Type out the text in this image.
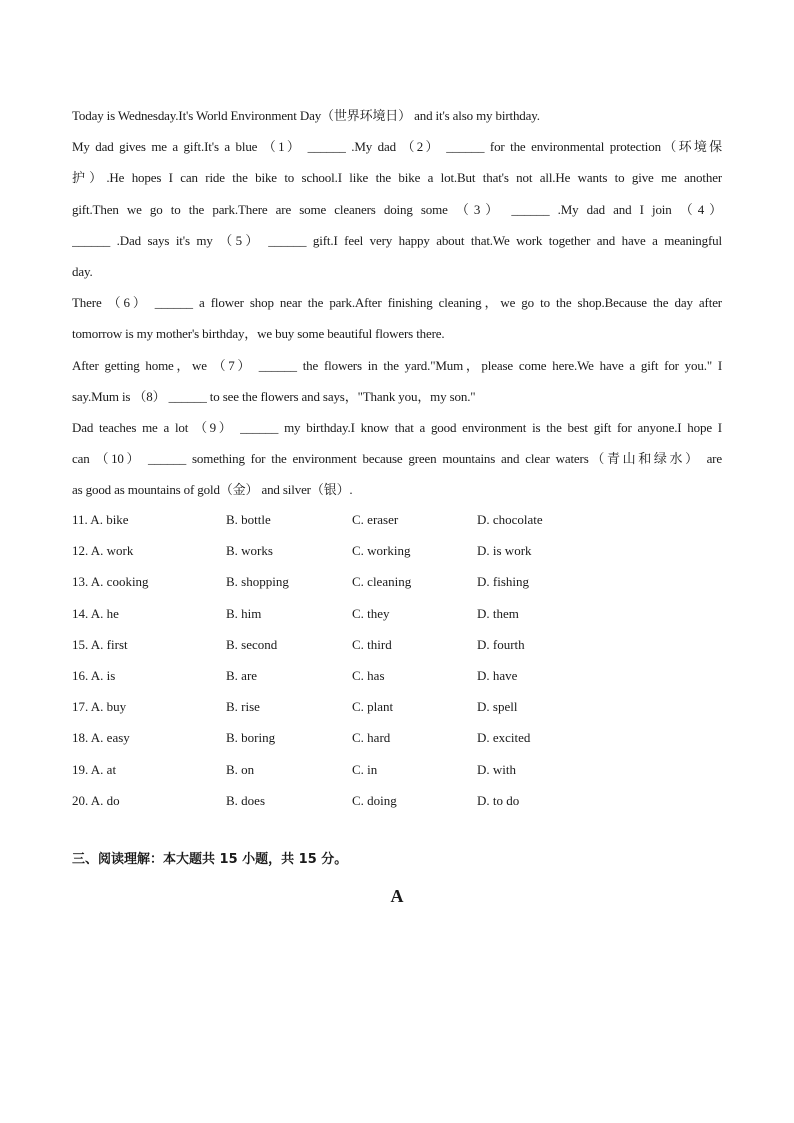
Today is Wednesday.It's World Environment Day（世界环境日） and it's also my birthday.
My dad gives me a gift.It's a blue （1） ______ .My dad （2） ______ for the environmental protection（环境保
护）.He hopes I can ride the bike to school.I like the bike a lot.But that's not all.He wants to give me another
gift.Then we go to the park.There are some cleaners doing some （3） ______ .My dad and I join （4）
______ .Dad says it's my （5） ______ gift.I feel very happy about that.We work together and have a meaningful
day.
There （6） ______ a flower shop near the park.After finishing cleaning，we go to the shop.Because the day after
tomorrow is my mother's birthday，we buy some beautiful flowers there.
After getting home，we （7） ______ the flowers in the yard."Mum，please come here.We have a gift for you." I
say.Mum is （8） ______ to see the flowers and says，"Thank you，my son."
Dad teaches me a lot （9） ______ my birthday.I know that a good environment is the best gift for anyone.I hope I
can （10） ______ something for the environment because green mountains and clear waters（青山和绿水） are
as good as mountains of gold（金） and silver（银）.
11. A. bike	B. bottle	C. eraser	D. chocolate
12. A. work	B. works	C. working	D. is work
13. A. cooking	B. shopping	C. cleaning	D. fishing
14. A. he	B. him	C. they	D. them
15. A. first	B. second	C. third	D. fourth
16. A. is	B. are	C. has	D. have
17. A. buy	B. rise	C. plant	D. spell
18. A. easy	B. boring	C. hard	D. excited
19. A. at	B. on	C. in	D. with
20. A. do	B. does	C. doing	D. to do
三、阅读理解：本大题共 15 小题，共 15 分。
A
